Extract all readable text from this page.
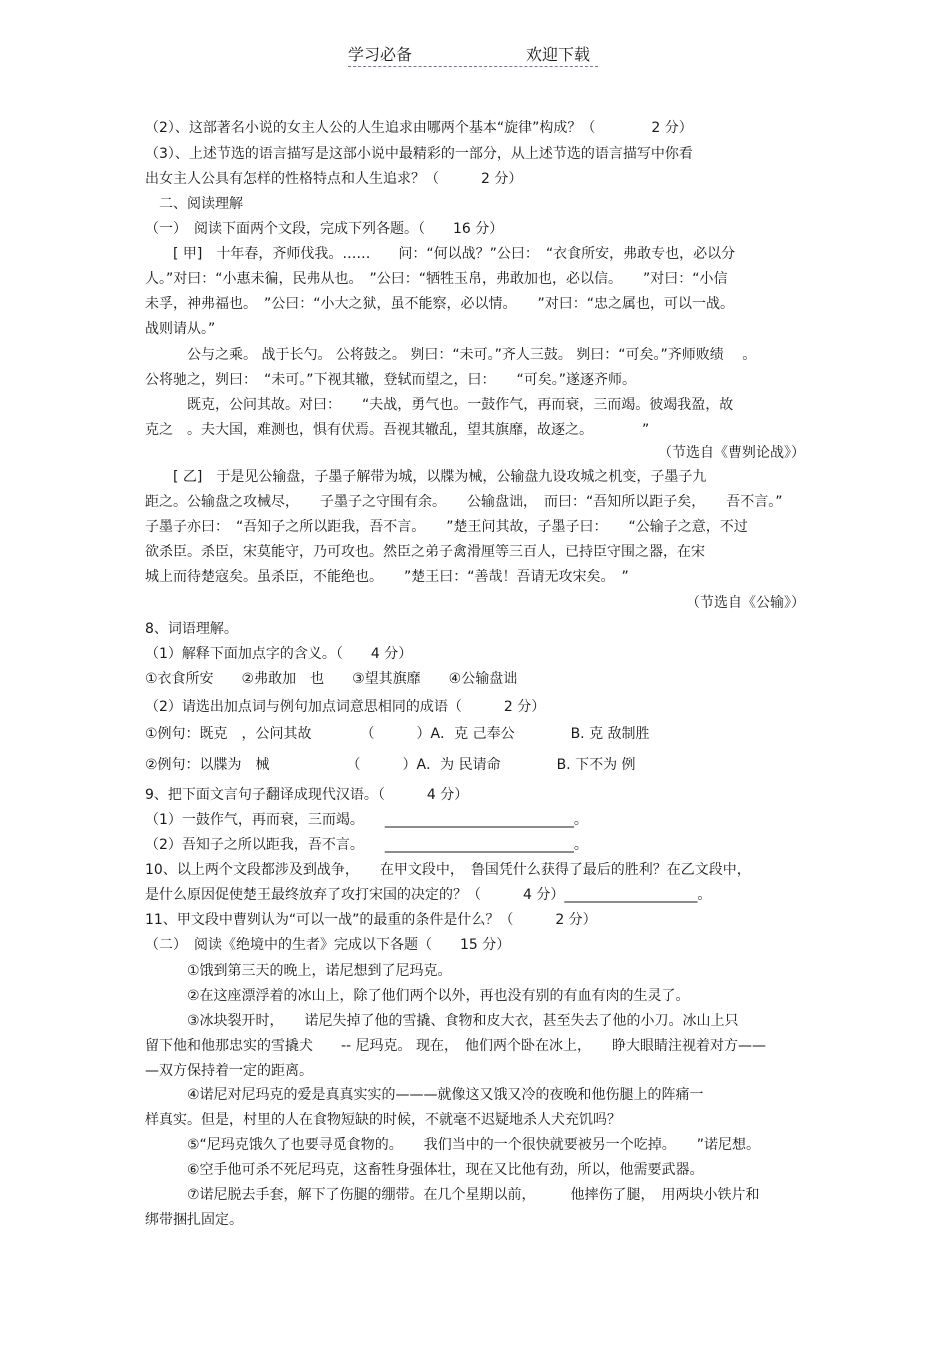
学习必备	欢迎下载
（2）、这部著名小说的女主人公的人生追求由哪两个基本“旋律”构成？（　　　　2 分）
（3）、上述节选的语言描写是这部小说中最精彩的一部分，从上述节选的语言描写中你看
出女主人公具有怎样的性格特点和人生追求？（　　　2 分）
　二、阅读理解
（一）　阅读下面两个文段，完成下列各题。（　　16 分）
　　[ 甲]　十年春，齐师伐我。……　　问：“何以战？”公曰：　“衣食所安，弗敢专也，必以分
人。”对曰：“小惠未徧，民弗从也。　”公曰：“牺牲玉帛，弗敢加也，必以信。　　”对曰：“小信
未孚，神弗福也。　”公曰：“小大之狱，虽不能察，必以情。　　”对曰：“忠之属也，可以一战。
战则请从。”
　　　公与之乘。 战于长勺。 公将鼓之。 刿曰：“未可。”齐人三鼓。 刿曰：“可矣。”齐师败绩　 。
公将驰之，刿曰：　“未可。”下视其辙，登轼而望之，曰：　　“可矣。”遂逐齐师。
　　　既克，公问其故。对曰：　　“夫战，勇气也。一鼓作气，再而衰，三而竭。彼竭我盈，故
克之　。夫大国，难测也，惧有伏焉。吾视其辙乱，望其旗靡，故逐之。　　　　”
　　[ 乙]　于是见公输盘，子墨子解带为城，以牒为械，公输盘九设攻城之机变，子墨子九
距之。公输盘之攻械尽，　　子墨子之守围有余。　　公输盘诎，　而曰：“吾知所以距子矣，　　吾不言。”
子墨子亦曰：　“吾知子之所以距我，吾不言。　　”楚王问其故，子墨子曰：　　“公输子之意，不过
欲杀臣。杀臣，宋莫能守，乃可攻也。然臣之弟子禽滑厘等三百人，已持臣守围之器，在宋
城上而待楚寇矣。虽杀臣，不能绝也。　　”楚王曰：“善哉！吾请无攻宋矣。　”
8、词语理解。
（1）解释下面加点字的含义。（　　4 分）
①衣食所安　　②弗敢加　也　　③望其旗靡　　④公输盘诎
（2）请选出加点词与例句加点词意思相同的成语（　　　2 分）
①例句：既克　，公问其故　　　　（　　　）A．克 己奉公　　　　B. 克 敌制胜
②例句：以牒为　械　　　　　　（　　　）A．为 民请命　　　　B. 下不为 例
9、把下面文言句子翻译成现代汉语。（　　　4 分）
（1）一鼓作气，再而衰，三而竭。　　___________________________。
（2）吾知子之所以距我，吾不言。　　___________________________。
10、以上两个文段都涉及到战争，　　在甲文段中，　鲁国凭什么获得了最后的胜利？在乙文段中，
是什么原因促使楚王最终放弃了攻打宋国的决定的？（　　　4 分）___________________。
11、甲文段中曹刿认为“可以一战”的最重的条件是什么？（　　　2 分）
（二）　阅读《绝境中的生者》完成以下各题（　　15 分）
　　　①饿到第三天的晚上，诺尼想到了尼玛克。
　　　②在这座漂浮着的冰山上，除了他们两个以外，再也没有别的有血有肉的生灵了。
　　　③冰块裂开时，　　诺尼失掉了他的雪撬、食物和皮大衣，甚至失去了他的小刀。冰山上只
留下他和他那忠实的雪撬犬　　-- 尼玛克。 现在，　他们两个卧在冰上，　　睁大眼睛注视着对方——
—双方保持着一定的距离。
　　　④诺尼对尼玛克的爱是真真实实的———就像这又饿又冷的夜晚和他伤腿上的阵痛一
样真实。但是，村里的人在食物短缺的时候，不就毫不迟疑地杀人犬充饥吗？
　　　⑤“尼玛克饿久了也要寻觅食物的。　　我们当中的一个很快就要被另一个吃掉。　　”诺尼想。
　　　⑥空手他可杀不死尼玛克，这畜牲身强体壮，现在又比他有劲，所以，他需要武器。
　　　⑦诺尼脱去手套，解下了伤腿的绷带。在几个星期以前，　　　他摔伤了腿，　用两块小铁片和
绑带捆扎固定。
（节选自《曹刿论战》）
（节选自《公输》）
